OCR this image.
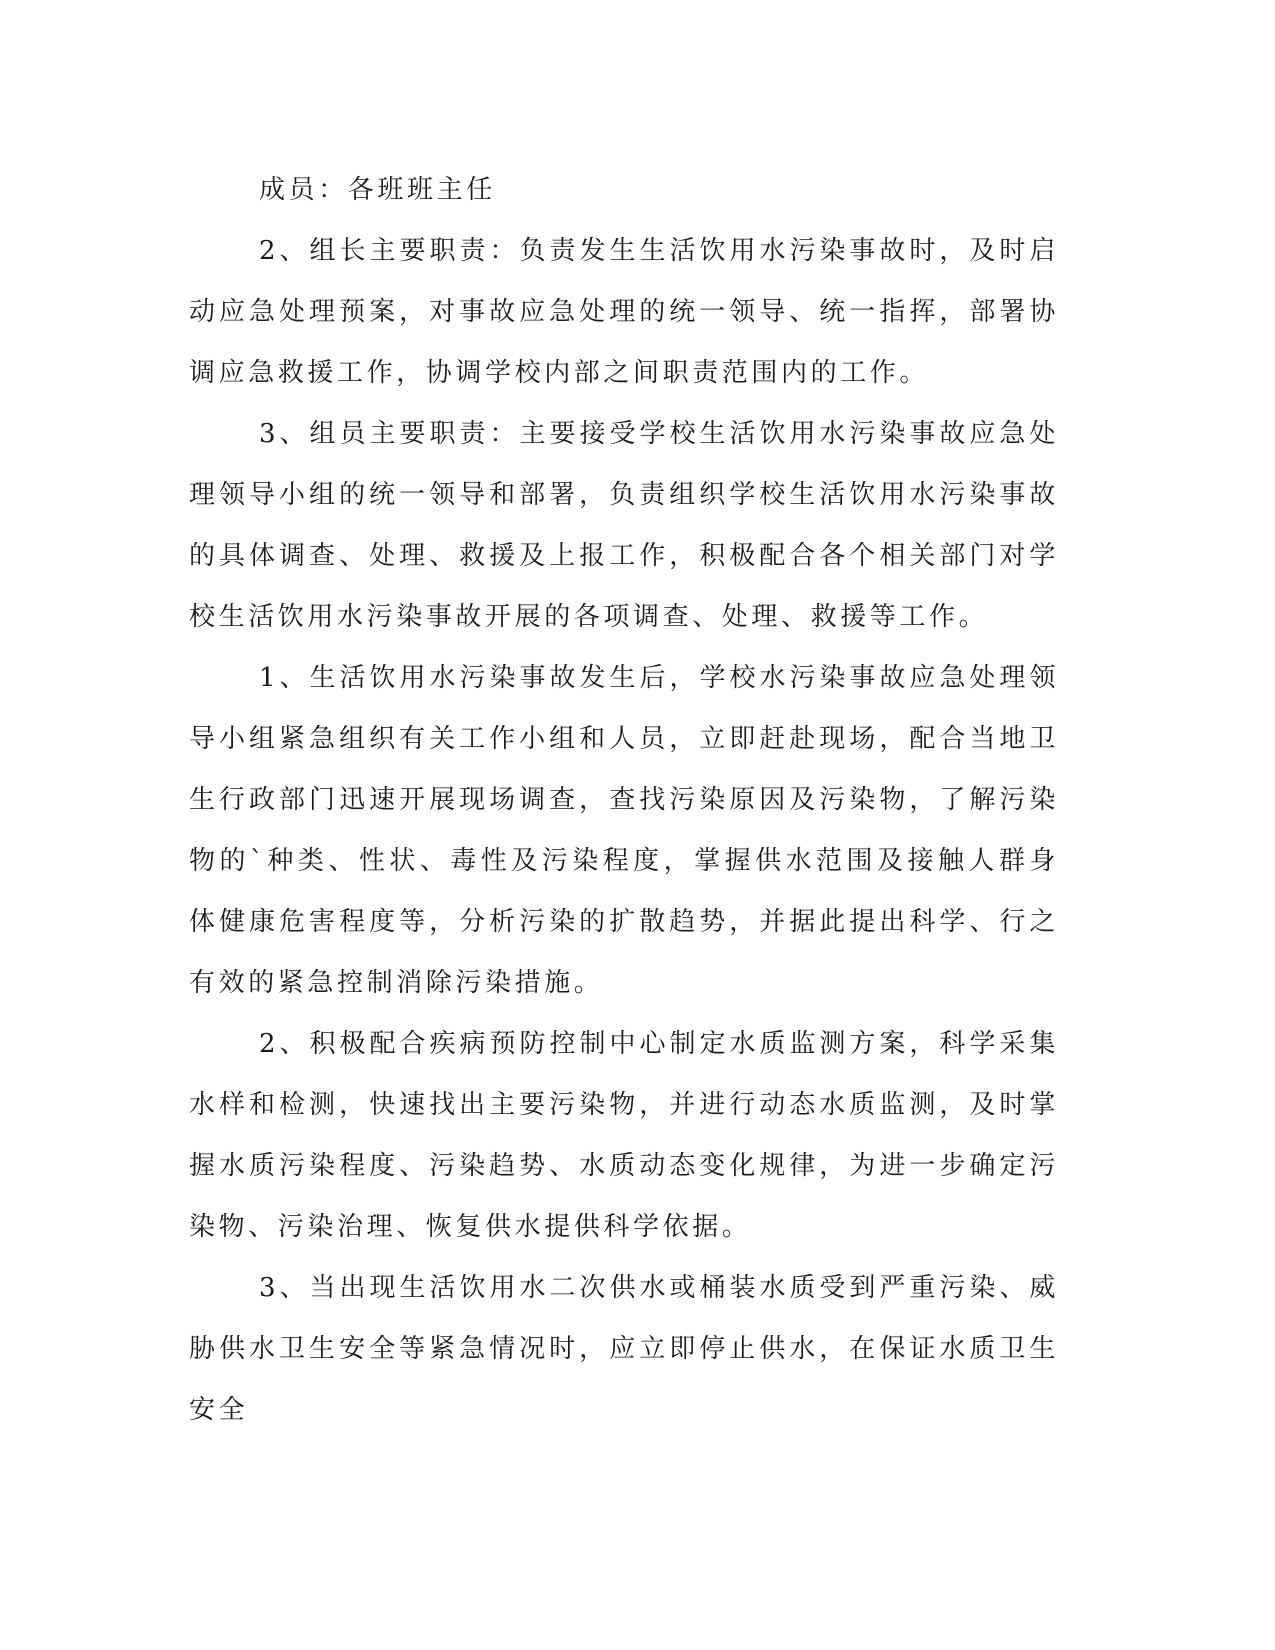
成员：各班班主任

2、组长主要职责：负责发生生活饮用水污染事故时，及时启动应急处理预案，对事故应急处理的统一领导、统一指挥，部署协调应急救援工作，协调学校内部之间职责范围内的工作。

3、组员主要职责：主要接受学校生活饮用水污染事故应急处理领导小组的统一领导和部署，负责组织学校生活饮用水污染事故的具体调查、处理、救援及上报工作，积极配合各个相关部门对学校生活饮用水污染事故开展的各项调查、处理、救援等工作。

1、生活饮用水污染事故发生后，学校水污染事故应急处理领导小组紧急组织有关工作小组和人员，立即赶赴现场，配合当地卫生行政部门迅速开展现场调查，查找污染原因及污染物，了解污染物的`种类、性状、毒性及污染程度，掌握供水范围及接触人群身体健康危害程度等，分析污染的扩散趋势，并据此提出科学、行之有效的紧急控制消除污染措施。

2、积极配合疾病预防控制中心制定水质监测方案，科学采集水样和检测，快速找出主要污染物，并进行动态水质监测，及时掌握水质污染程度、污染趋势、水质动态变化规律，为进一步确定污染物、污染治理、恢复供水提供科学依据。

3、当出现生活饮用水二次供水或桶装水质受到严重污染、威胁供水卫生安全等紧急情况时，应立即停止供水，在保证水质卫生安全
